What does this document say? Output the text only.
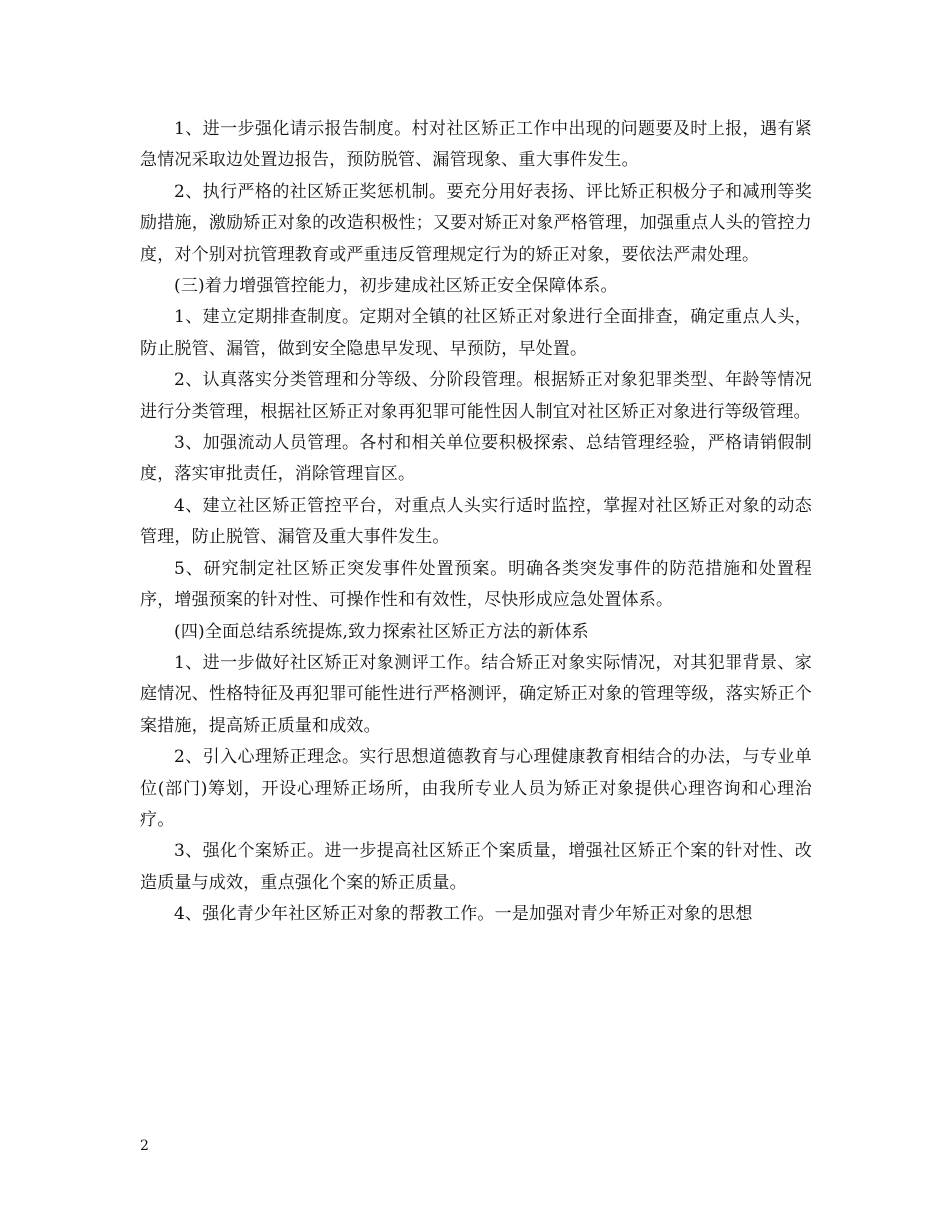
1、进一步强化请示报告制度。村对社区矫正工作中出现的问题要及时上报，遇有紧急情况采取边处置边报告，预防脱管、漏管现象、重大事件发生。

2、执行严格的社区矫正奖惩机制。要充分用好表扬、评比矫正积极分子和减刑等奖励措施，激励矫正对象的改造积极性；又要对矫正对象严格管理，加强重点人头的管控力度，对个别对抗管理教育或严重违反管理规定行为的矫正对象，要依法严肃处理。

(三)着力增强管控能力，初步建成社区矫正安全保障体系。

1、建立定期排查制度。定期对全镇的社区矫正对象进行全面排查，确定重点人头，防止脱管、漏管，做到安全隐患早发现、早预防，早处置。

2、认真落实分类管理和分等级、分阶段管理。根据矫正对象犯罪类型、年龄等情况进行分类管理，根据社区矫正对象再犯罪可能性因人制宜对社区矫正对象进行等级管理。

3、加强流动人员管理。各村和相关单位要积极探索、总结管理经验，严格请销假制度，落实审批责任，消除管理盲区。

4、建立社区矫正管控平台，对重点人头实行适时监控，掌握对社区矫正对象的动态管理，防止脱管、漏管及重大事件发生。

5、研究制定社区矫正突发事件处置预案。明确各类突发事件的防范措施和处置程序，增强预案的针对性、可操作性和有效性，尽快形成应急处置体系。

(四)全面总结系统提炼,致力探索社区矫正方法的新体系

1、进一步做好社区矫正对象测评工作。结合矫正对象实际情况，对其犯罪背景、家庭情况、性格特征及再犯罪可能性进行严格测评，确定矫正对象的管理等级，落实矫正个案措施，提高矫正质量和成效。

2、引入心理矫正理念。实行思想道德教育与心理健康教育相结合的办法，与专业单位(部门)筹划，开设心理矫正场所，由我所专业人员为矫正对象提供心理咨询和心理治疗。

3、强化个案矫正。进一步提高社区矫正个案质量，增强社区矫正个案的针对性、改造质量与成效，重点强化个案的矫正质量。

4、强化青少年社区矫正对象的帮教工作。一是加强对青少年矫正对象的思想

2
